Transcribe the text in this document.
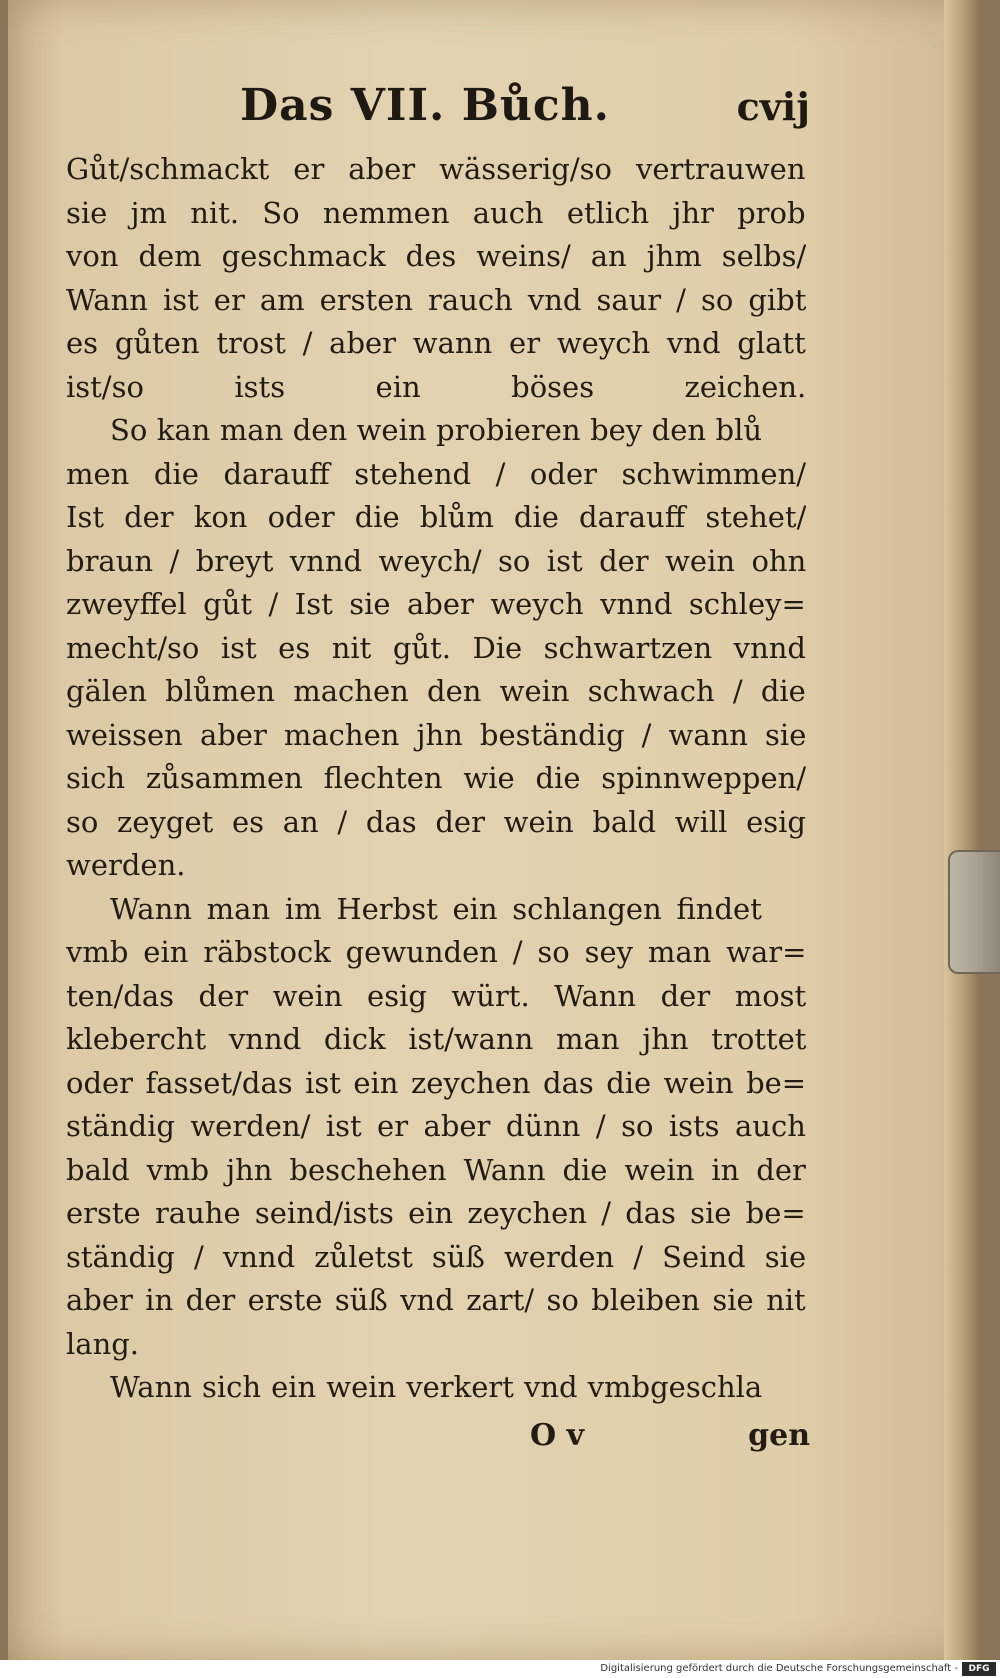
Das VII. Bůch.	cvij
Gůt/schmackt er aber wässerig/so vertrauwen
sie jm nit. So nemmen auch etlich jhr prob
von dem geschmack des weins/ an jhm selbs/
Wann ist er am ersten rauch vnd saur / so gibt
es gůten trost / aber wann er weych vnd glatt
ist/so ists ein böses zeichen.
So kan man den wein probieren bey den blů
men die darauff stehend / oder schwimmen/
Ist der kon oder die blům die darauff stehet/
braun / breyt vnnd weych/ so ist der wein ohn
zweyffel gůt / Ist sie aber weych vnnd schley=
mecht/so ist es nit gůt. Die schwartzen vnnd
gälen blůmen machen den wein schwach / die
weissen aber machen jhn beständig / wann sie
sich zůsammen flechten wie die spinnweppen/
so zeyget es an / das der wein bald will esig
werden.
Wann man im Herbst ein schlangen findet
vmb ein räbstock gewunden / so sey man war=
ten/das der wein esig würt. Wann der most
klebercht vnnd dick ist/wann man jhn trottet
oder fasset/das ist ein zeychen das die wein be=
ständig werden/ ist er aber dünn / so ists auch
bald vmb jhn beschehen Wann die wein in der
erste rauhe seind/ists ein zeychen / das sie be=
ständig / vnnd zůletst süß werden / Seind sie
aber in der erste süß vnd zart/ so bleiben sie nit
lang.
Wann sich ein wein verkert vnd vmbgeschla
O v	gen
Digitalisierung gefördert durch die Deutsche Forschungsgemeinschaft -	DFG
